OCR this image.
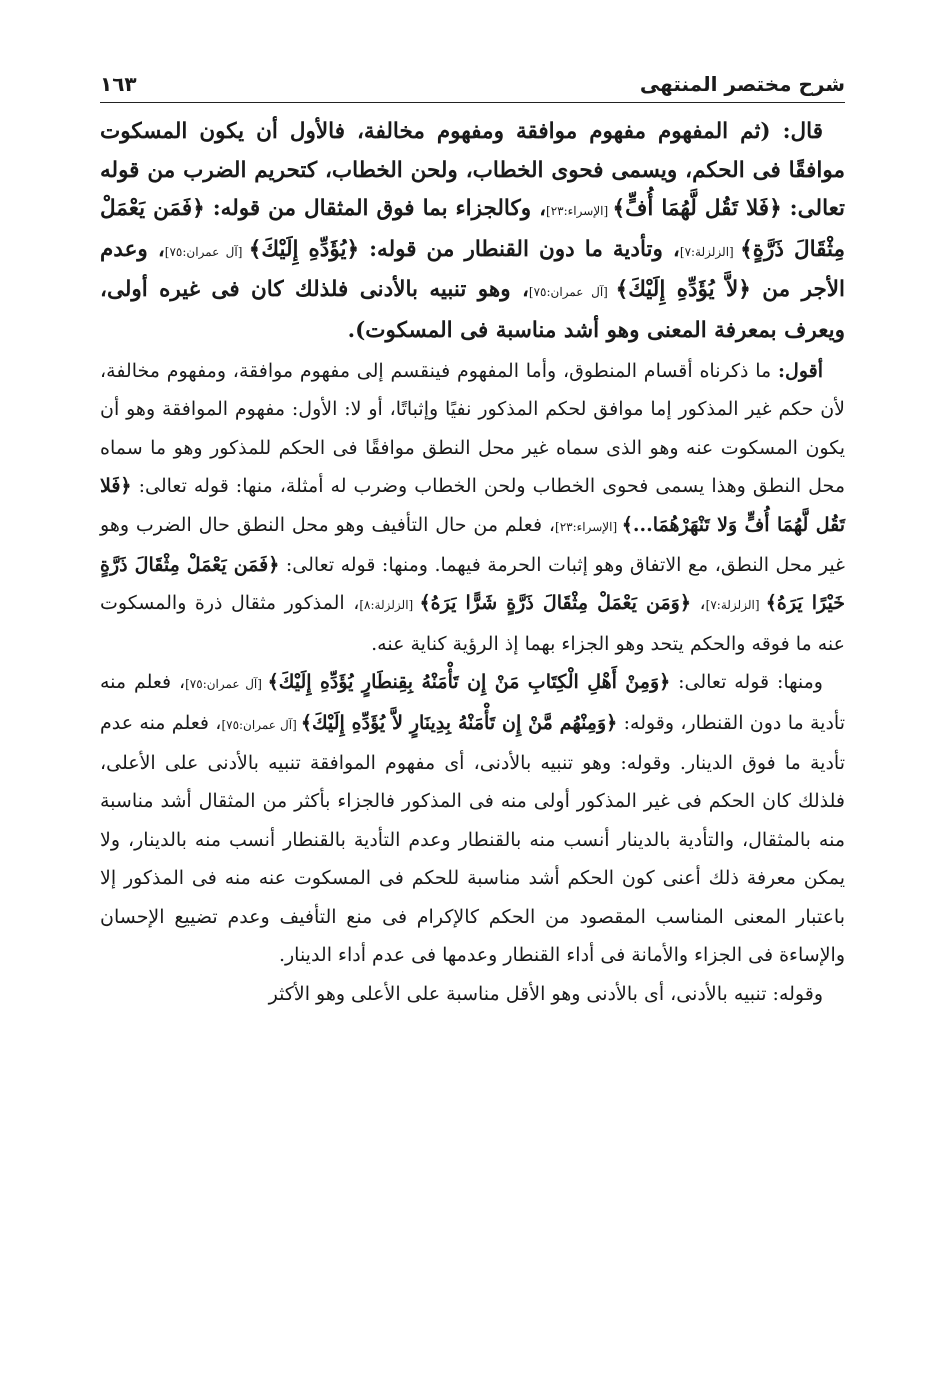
شرح مختصر المنتهى
١٦٣

قال: (ثم المفهوم مفهوم موافقة ومفهوم مخالفة، فالأول أن يكون المسكوت موافقًا فى الحكم، ويسمى فحوى الخطاب، ولحن الخطاب، كتحريم الضرب من قوله تعالى: ﴿فَلا تَقُل لَّهُمَا أُفٍّ﴾ [الإسراء:٢٣]، وكالجزاء بما فوق المثقال من قوله: ﴿فَمَن يَعْمَلْ مِثْقَالَ ذَرَّةٍ﴾ [الزلزلة:٧]، وتأدية ما دون القنطار من قوله: ﴿يُؤَدِّهِ إِلَيْكَ﴾ [آل عمران:٧٥]، وعدم الأجر من ﴿لاَّ يُؤَدِّهِ إِلَيْكَ﴾ [آل عمران:٧٥]، وهو تنبيه بالأدنى فلذلك كان فى غيره أولى، ويعرف بمعرفة المعنى وهو أشد مناسبة فى المسكوت).

أقول: ما ذكرناه أقسام المنطوق، وأما المفهوم فينقسم إلى مفهوم موافقة، ومفهوم مخالفة، لأن حكم غير المذكور إما موافق لحكم المذكور نفيًا وإثباتًا، أو لا: الأول: مفهوم الموافقة وهو أن يكون المسكوت عنه وهو الذى سماه غير محل النطق موافقًا فى الحكم للمذكور وهو ما سماه محل النطق وهذا يسمى فحوى الخطاب ولحن الخطاب وضرب له أمثلة، منها: قوله تعالى: ﴿فَلا تَقُل لَّهُمَا أُفٍّ وَلا تَنْهَرْهُمَا...﴾ [الإسراء:٢٣]، فعلم من حال التأفيف وهو محل النطق حال الضرب وهو غير محل النطق، مع الاتفاق وهو إثبات الحرمة فيهما. ومنها: قوله تعالى: ﴿فَمَن يَعْمَلْ مِثْقَالَ ذَرَّةٍ خَيْرًا يَرَهُ﴾ [الزلزلة:٧]، ﴿وَمَن يَعْمَلْ مِثْقَالَ ذَرَّةٍ شَرًّا يَرَهُ﴾ [الزلزلة:٨]، المذكور مثقال ذرة والمسكوت عنه ما فوقه والحكم يتحد وهو الجزاء بهما إذ الرؤية كناية عنه.

ومنها: قوله تعالى: ﴿وَمِنْ أَهْلِ الْكِتَابِ مَنْ إِن تَأْمَنْهُ بِقِنطَارٍ يُؤَدِّهِ إِلَيْكَ﴾ [آل عمران:٧٥]، فعلم منه تأدية ما دون القنطار، وقوله: ﴿وَمِنْهُم مَّنْ إِن تَأْمَنْهُ بِدِينَارٍ لاَّ يُؤَدِّهِ إِلَيْكَ﴾ [آل عمران:٧٥]، فعلم منه عدم تأدية ما فوق الدينار. وقوله: وهو تنبيه بالأدنى، أى مفهوم الموافقة تنبيه بالأدنى على الأعلى، فلذلك كان الحكم فى غير المذكور أولى منه فى المذكور فالجزاء بأكثر من المثقال أشد مناسبة منه بالمثقال، والتأدية بالدينار أنسب منه بالقنطار وعدم التأدية بالقنطار أنسب منه بالدينار، ولا يمكن معرفة ذلك أعنى كون الحكم أشد مناسبة للحكم فى المسكوت عنه منه فى المذكور إلا باعتبار المعنى المناسب المقصود من الحكم كالإكرام فى منع التأفيف وعدم تضييع الإحسان والإساءة فى الجزاء والأمانة فى أداء القنطار وعدمها فى عدم أداء الدينار.

وقوله: تنبيه بالأدنى، أى بالأدنى وهو الأقل مناسبة على الأعلى وهو الأكثر
